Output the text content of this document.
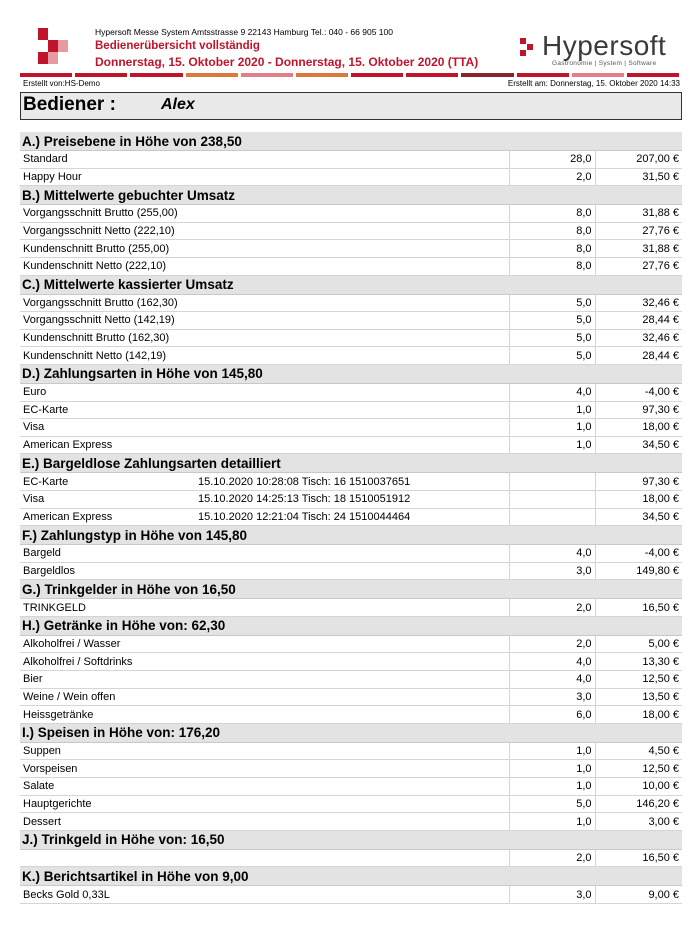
Hypersoft Messe System Amtsstrasse 9 22143 Hamburg Tel.: 040 - 66 905 100
Bedienerübersicht vollständig
Donnerstag, 15. Oktober 2020 - Donnerstag, 15. Oktober 2020 (TTA)
Hypersoft
Gastronomie | System | Software
Erstellt von:HS-Demo	Erstellt am: Donnerstag, 15. Oktober 2020 14:33
Bediener :	Alex
A.) Preisebene in Höhe von 238,50			
Standard		28,0	207,00 €
Happy Hour		2,0	31,50 €
B.) Mittelwerte gebuchter Umsatz			
Vorgangsschnitt Brutto (255,00)		8,0	31,88 €
Vorgangsschnitt Netto (222,10)		8,0	27,76 €
Kundenschnitt Brutto (255,00)		8,0	31,88 €
Kundenschnitt Netto (222,10)		8,0	27,76 €
C.) Mittelwerte kassierter Umsatz			
Vorgangsschnitt Brutto (162,30)		5,0	32,46 €
Vorgangsschnitt Netto (142,19)		5,0	28,44 €
Kundenschnitt Brutto (162,30)		5,0	32,46 €
Kundenschnitt Netto (142,19)		5,0	28,44 €
D.) Zahlungsarten in Höhe von 145,80			
Euro		4,0	-4,00 €
EC-Karte		1,0	97,30 €
Visa		1,0	18,00 €
American Express		1,0	34,50 €
E.) Bargeldlose Zahlungsarten detailliert			
EC-Karte	15.10.2020 10:28:08 Tisch: 16 1510037651		97,30 €
Visa	15.10.2020 14:25:13 Tisch: 18 1510051912		18,00 €
American Express	15.10.2020 12:21:04 Tisch: 24 1510044464		34,50 €
F.) Zahlungstyp in Höhe von 145,80			
Bargeld		4,0	-4,00 €
Bargeldlos		3,0	149,80 €
G.) Trinkgelder in Höhe von 16,50			
TRINKGELD		2,0	16,50 €
H.) Getränke in Höhe von: 62,30			
Alkoholfrei / Wasser		2,0	5,00 €
Alkoholfrei / Softdrinks		4,0	13,30 €
Bier		4,0	12,50 €
Weine / Wein offen		3,0	13,50 €
Heissgetränke		6,0	18,00 €
I.) Speisen in Höhe von: 176,20			
Suppen		1,0	4,50 €
Vorspeisen		1,0	12,50 €
Salate		1,0	10,00 €
Hauptgerichte		5,0	146,20 €
Dessert		1,0	3,00 €
J.) Trinkgeld in Höhe von: 16,50			
		2,0	16,50 €
K.) Berichtsartikel in Höhe von 9,00			
Becks Gold 0,33L		3,0	9,00 €
